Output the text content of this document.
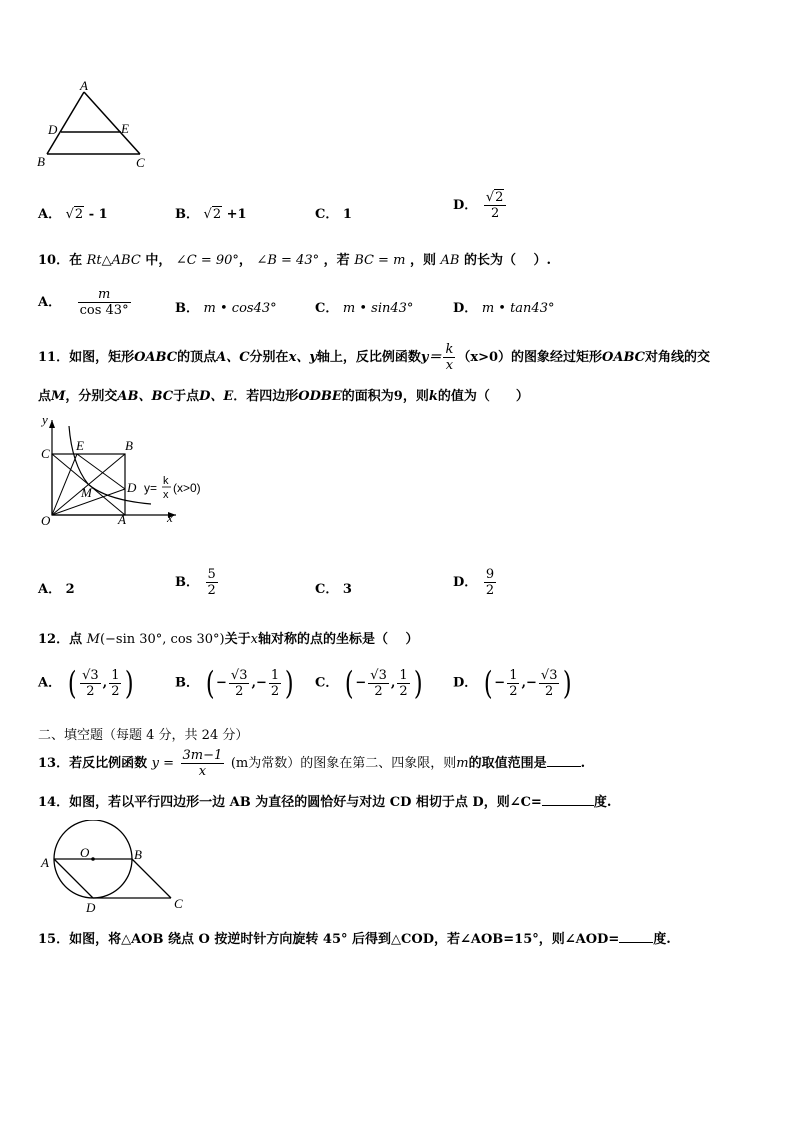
A
D	E
B	C
A． √2 - 1	B． √2 +1	C． 1
D． $\frac{√2}{2}$
10．在 Rt△ABC 中， ∠C = 90°， ∠B = 43° ，若 BC = m ，则 AB 的长为（　 ）.
A． $\frac{m}{\cos 43^\circ}$	B． m • cos43°	C． m • sin43°	D． m • tan43°
11．如图，矩形OABC的顶点A、C分别在x、y轴上，反比例函数$y= \frac{k}{x} (x>0)$的图象经过矩形OABC对角线的交
点M，分别交AB、BC于点D、E．若四边形ODBE的面积为9，则k的值为（　　）
y
C
E	B
M	D
O	A	x
y= k
x (x>0)
A． 2	B． $\frac{5}{2}$	C． 3	D． $\frac{9}{2}$
12．点 M(−sin 30°, cos 30°)关于x轴对称的点的坐标是（　 ）
A． ( $\frac{√3}{2}$ , $\frac{1}{2}$ )	B． ( − $\frac{√3}{2}$ ,− $\frac{1}{2}$ ) C． ( − $\frac{√3}{2}$ , $\frac{1}{2}$ ) D． ( − $\frac{1}{2}$ ,− $\frac{√3}{2}$ )
二、填空题（每题 4 分，共 24 分）
13．若反比例函数 $y = \frac{3m-1}{x} (m$为常数）的图象在第二、四象限，则m的取值范围是	.
14．如图，若以平行四边形一边 AB 为直径的圆恰好与对边 CD 相切于点 D，则∠C=	度.
A
O	B
D	C
15．如图，将△AOB 绕点 O 按逆时针方向旋转 45° 后得到△COD，若∠AOB=15°，则∠AOD=	度.
